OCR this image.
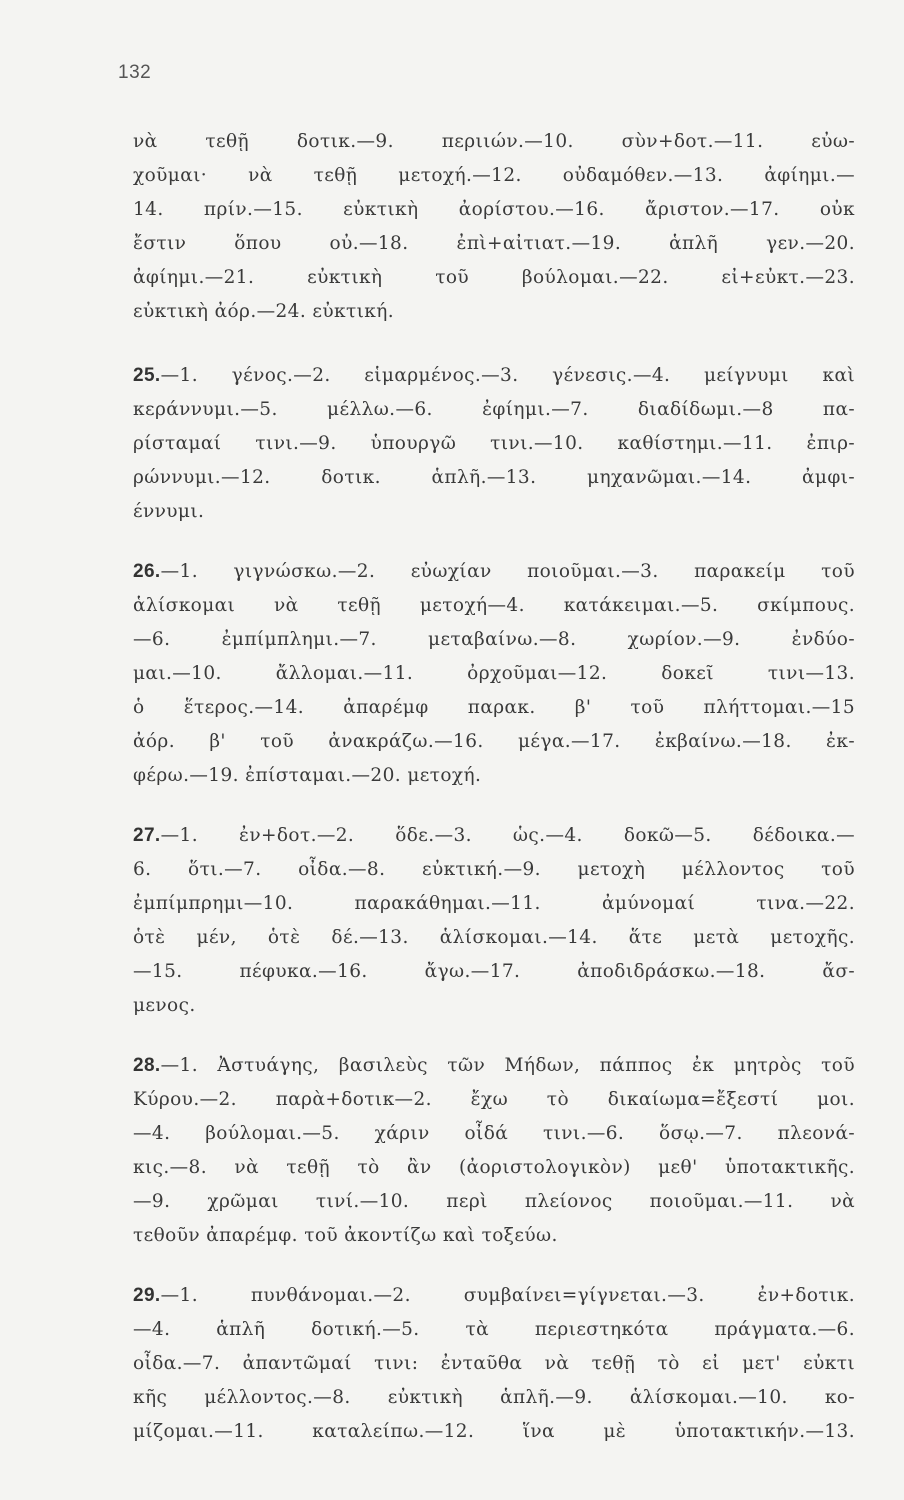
132
νὰ τεθῇ δοτικ.—9. περιιών.—10. σὺν+δοτ.—11. εὐω-
χοῦμαι· νὰ τεθῇ μετοχή.—12. οὐδαμόθεν.—13. ἀφίημι.—
14. πρίν.—15. εὐκτικὴ ἀορίστου.—16. ἄριστον.—17. οὐκ
ἔστιν ὅπου οὐ.—18. ἐπὶ+αἰτιατ.—19. ἁπλῆ γεν.—20.
ἀφίημι.—21. εὐκτικὴ τοῦ βούλομαι.—22. εἰ+εὐκτ.—23.
εὐκτικὴ ἀόρ.—24. εὐκτική.
25.—1. γένος.—2. εἱμαρμένος.—3. γένεσις.—4. μείγνυμι καὶ
κεράννυμι.—5. μέλλω.—6. ἐφίημι.—7. διαδίδωμι.—8 πα-
ρίσταμαί τινι.—9. ὑπουργῶ τινι.—10. καθίστημι.—11. ἐπιρ-
ρώννυμι.—12. δοτικ. ἁπλῆ.—13. μηχανῶμαι.—14. ἀμφι-
έννυμι.
26.—1. γιγνώσκω.—2. εὐωχίαν ποιοῦμαι.—3. παρακείμ τοῦ
ἁλίσκομαι νὰ τεθῇ μετοχή—4. κατάκειμαι.—5. σκίμπους.
—6. ἐμπίμπλημι.—7. μεταβαίνω.—8. χωρίον.—9. ἐνδύο-
μαι.—10. ἄλλομαι.—11. ὀρχοῦμαι—12. δοκεῖ τινι—13.
ὁ ἕτερος.—14. ἀπαρέμφ παρακ. β' τοῦ πλήττομαι.—15
ἀόρ. β' τοῦ ἀνακράζω.—16. μέγα.—17. ἐκβαίνω.—18. ἐκ-
φέρω.—19. ἐπίσταμαι.—20. μετοχή.
27.—1. ἐν+δοτ.—2. ὅδε.—3. ὡς.—4. δοκῶ—5. δέδοικα.—
6. ὅτι.—7. οἶδα.—8. εὐκτική.—9. μετοχὴ μέλλοντος τοῦ
ἐμπίμπρημι—10. παρακάθημαι.—11. ἀμύνομαί τινα.—22.
ὁτὲ μέν, ὁτὲ δέ.—13. ἁλίσκομαι.—14. ἅτε μετὰ μετοχῆς.
—15. πέφυκα.—16. ἄγω.—17. ἀποδιδράσκω.—18. ἄσ-
μενος.
28.—1. Ἀστυάγης, βασιλεὺς τῶν Μήδων, πάππος ἐκ μητρὸς τοῦ
Κύρου.—2. παρὰ+δοτικ—2. ἔχω τὸ δικαίωμα=ἔξεστί μοι.
—4. βούλομαι.—5. χάριν οἶδά τινι.—6. ὅσῳ.—7. πλεονά-
κις.—8. νὰ τεθῇ τὸ ἂν (ἀοριστολογικὸν) μεθ' ὑποτακτικῆς.
—9. χρῶμαι τινί.—10. περὶ πλείονος ποιοῦμαι.—11. νὰ
τεθοῦν ἀπαρέμφ. τοῦ ἀκοντίζω καὶ τοξεύω.
29.—1. πυνθάνομαι.—2. συμβαίνει=γίγνεται.—3. ἐν+δοτικ.
—4. ἁπλῆ δοτική.—5. τὰ περιεστηκότα πράγματα.—6.
οἶδα.—7. ἀπαντῶμαί τινι: ἐνταῦθα νὰ τεθῇ τὸ εἰ μετ' εὐκτι
κῆς μέλλοντος.—8. εὐκτικὴ ἁπλῆ.—9. ἁλίσκομαι.—10. κο-
μίζομαι.—11. καταλείπω.—12. ἵνα μὲ ὑποτακτικήν.—13.
